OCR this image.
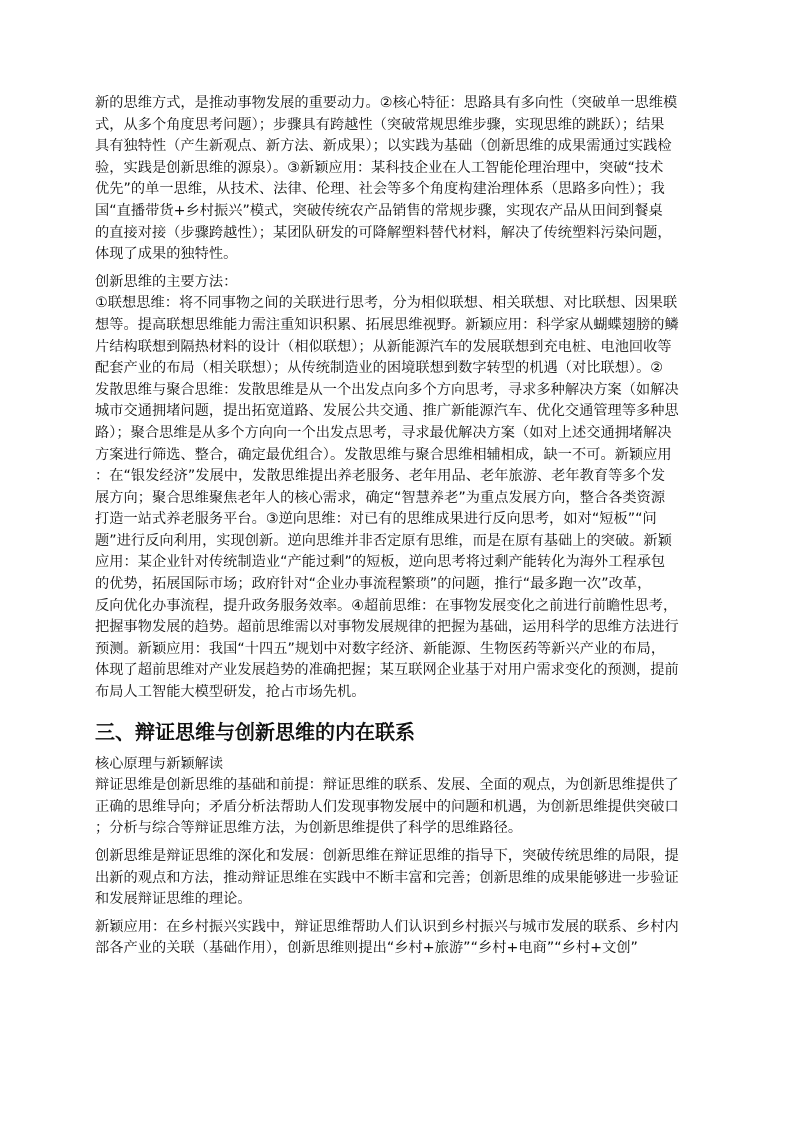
新的思维方式，是推动事物发展的重要动力。②核心特征：思路具有多向性（突破单一思维模
式，从多个角度思考问题）；步骤具有跨越性（突破常规思维步骤，实现思维的跳跃）；结果
具有独特性（产生新观点、新方法、新成果）；以实践为基础（创新思维的成果需通过实践检
验，实践是创新思维的源泉）。③新颖应用：某科技企业在人工智能伦理治理中，突破“技术
优先”的单一思维，从技术、法律、伦理、社会等多个角度构建治理体系（思路多向性）；我
国“直播带货+乡村振兴”模式，突破传统农产品销售的常规步骤，实现农产品从田间到餐桌
的直接对接（步骤跨越性）；某团队研发的可降解塑料替代材料，解决了传统塑料污染问题，
体现了成果的独特性。
创新思维的主要方法：
①联想思维：将不同事物之间的关联进行思考，分为相似联想、相关联想、对比联想、因果联
想等。提高联想思维能力需注重知识积累、拓展思维视野。新颖应用：科学家从蝴蝶翅膀的鳞
片结构联想到隔热材料的设计（相似联想）；从新能源汽车的发展联想到充电桩、电池回收等
配套产业的布局（相关联想）；从传统制造业的困境联想到数字转型的机遇（对比联想）。②
发散思维与聚合思维：发散思维是从一个出发点向多个方向思考，寻求多种解决方案（如解决
城市交通拥堵问题，提出拓宽道路、发展公共交通、推广新能源汽车、优化交通管理等多种思
路）；聚合思维是从多个方向向一个出发点思考，寻求最优解决方案（如对上述交通拥堵解决
方案进行筛选、整合，确定最优组合）。发散思维与聚合思维相辅相成，缺一不可。新颖应用
：在“银发经济”发展中，发散思维提出养老服务、老年用品、老年旅游、老年教育等多个发
展方向；聚合思维聚焦老年人的核心需求，确定“智慧养老”为重点发展方向，整合各类资源
打造一站式养老服务平台。③逆向思维：对已有的思维成果进行反向思考，如对“短板”“问
题”进行反向利用，实现创新。逆向思维并非否定原有思维，而是在原有基础上的突破。新颖
应用：某企业针对传统制造业“产能过剩”的短板，逆向思考将过剩产能转化为海外工程承包
的优势，拓展国际市场；政府针对“企业办事流程繁琐”的问题，推行“最多跑一次”改革，
反向优化办事流程，提升政务服务效率。④超前思维：在事物发展变化之前进行前瞻性思考，
把握事物发展的趋势。超前思维需以对事物发展规律的把握为基础，运用科学的思维方法进行
预测。新颖应用：我国“十四五”规划中对数字经济、新能源、生物医药等新兴产业的布局，
体现了超前思维对产业发展趋势的准确把握；某互联网企业基于对用户需求变化的预测，提前
布局人工智能大模型研发，抢占市场先机。
三、辩证思维与创新思维的内在联系
核心原理与新颖解读
辩证思维是创新思维的基础和前提：辩证思维的联系、发展、全面的观点，为创新思维提供了
正确的思维导向；矛盾分析法帮助人们发现事物发展中的问题和机遇，为创新思维提供突破口
；分析与综合等辩证思维方法，为创新思维提供了科学的思维路径。
创新思维是辩证思维的深化和发展：创新思维在辩证思维的指导下，突破传统思维的局限，提
出新的观点和方法，推动辩证思维在实践中不断丰富和完善；创新思维的成果能够进一步验证
和发展辩证思维的理论。
新颖应用：在乡村振兴实践中，辩证思维帮助人们认识到乡村振兴与城市发展的联系、乡村内
部各产业的关联（基础作用），创新思维则提出“乡村+旅游”“乡村+电商”“乡村+文创”
